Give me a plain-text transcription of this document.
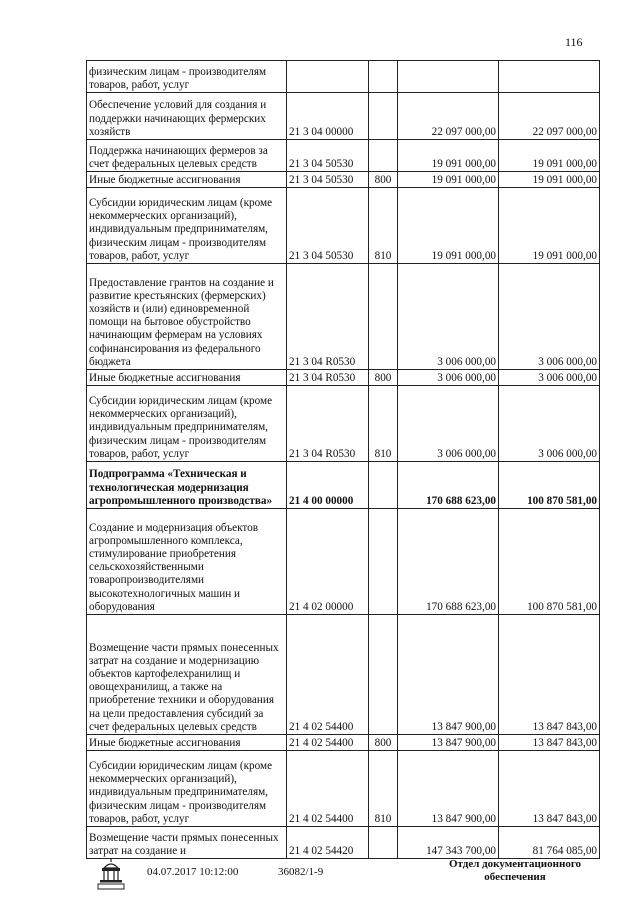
116
физическим лицам - производителям товаров, работ, услуг				
Обеспечение условий для создания и поддержки начинающих фермерских хозяйств	21 3 04 00000		22 097 000,00	22 097 000,00
Поддержка начинающих фермеров за счет федеральных целевых средств	21 3 04 50530		19 091 000,00	19 091 000,00
Иные бюджетные ассигнования	21 3 04 50530	800	19 091 000,00	19 091 000,00
Субсидии юридическим лицам (кроме некоммерческих организаций), индивидуальным предпринимателям, физическим лицам - производителям товаров, работ, услуг	21 3 04 50530	810	19 091 000,00	19 091 000,00
Предоставление грантов на создание и развитие крестьянских (фермерских) хозяйств и (или) единовременной помощи на бытовое обустройство начинающим фермерам на условиях софинансирования из федерального бюджета	21 3 04 R0530		3 006 000,00	3 006 000,00
Иные бюджетные ассигнования	21 3 04 R0530	800	3 006 000,00	3 006 000,00
Субсидии юридическим лицам (кроме некоммерческих организаций), индивидуальным предпринимателям, физическим лицам - производителям товаров, работ, услуг	21 3 04 R0530	810	3 006 000,00	3 006 000,00
Подпрограмма «Техническая и технологическая модернизация агропромышленного производства»	21 4 00 00000		170 688 623,00	100 870 581,00
Создание и модернизация объектов агропромышленного комплекса, стимулирование приобретения сельскохозяйственными товаропроизводителями высокотехнологичных машин и оборудования	21 4 02 00000		170 688 623,00	100 870 581,00
Возмещение части прямых понесенных затрат на создание и модернизацию объектов картофелехранилищ и овощехранилищ, а также на приобретение техники и оборудования на цели предоставления субсидий за счет федеральных целевых средств	21 4 02 54400		13 847 900,00	13 847 843,00
Иные бюджетные ассигнования	21 4 02 54400	800	13 847 900,00	13 847 843,00
Субсидии юридическим лицам (кроме некоммерческих организаций), индивидуальным предпринимателям, физическим лицам - производителям товаров, работ, услуг	21 4 02 54400	810	13 847 900,00	13 847 843,00
Возмещение части прямых понесенных затрат на создание и	21 4 02 54420		147 343 700,00	81 764 085,00
04.07.2017 10:12:00	36082/1-9
Отдел документационного обеспечения
